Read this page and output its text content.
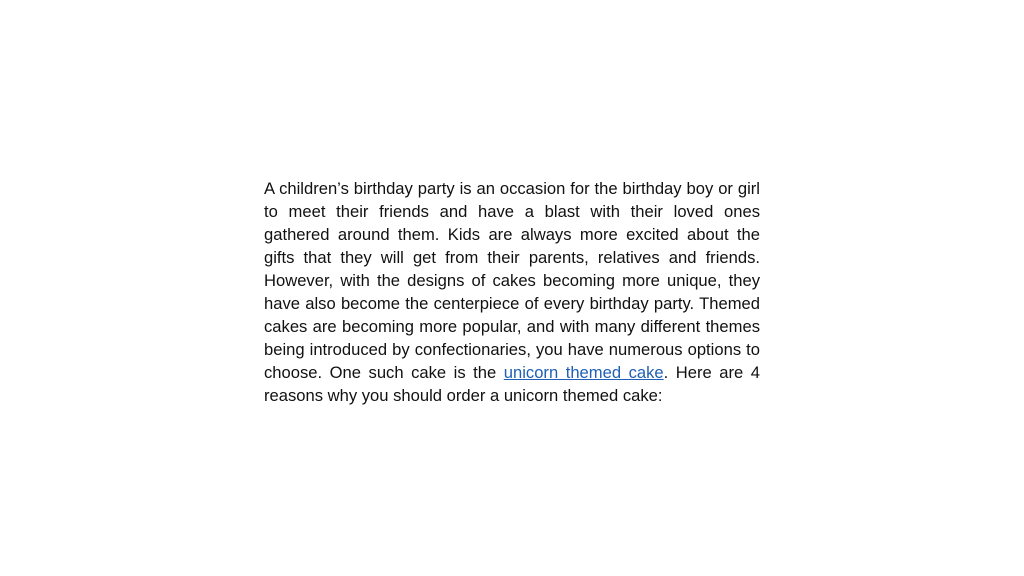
A children’s birthday party is an occasion for the birthday boy or girl to meet their friends and have a blast with their loved ones gathered around them. Kids are always more excited about the gifts that they will get from their parents, relatives and friends. However, with the designs of cakes becoming more unique, they have also become the centerpiece of every birthday party. Themed cakes are becoming more popular, and with many different themes being introduced by confectionaries, you have numerous options to choose. One such cake is the unicorn themed cake. Here are 4 reasons why you should order a unicorn themed cake:
